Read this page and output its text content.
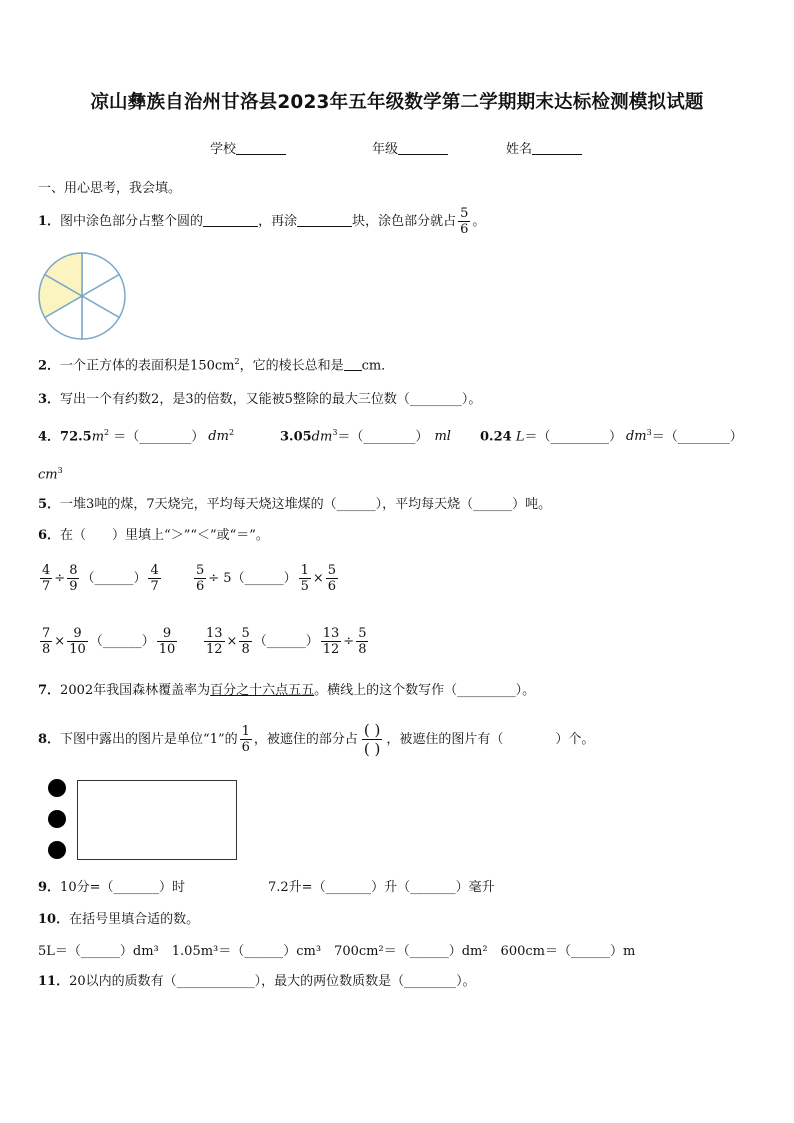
凉山彝族自治州甘洛县2023年五年级数学第二学期期末达标检测模拟试题
学校	年级	姓名
一、用心思考，我会填。
1．图中涂色部分占整个圆的	，再涂	块，涂色部分就占 $\frac{5}{6}$ 。
2．一个正方体的表面积是$150cm^2$，它的棱长总和是 cm．
3．写出一个有约数2，是3的倍数，又能被5整除的最大三位数（________）。
4．$72.5m^2$ ＝（________） $dm^2$	$3.05dm^3=(\_\_\_\_\_\_\_\_)$ ml 0.24 L＝（_________） $dm^3=(\_\_\_\_\_\_\_\_)$
$cm^3$
5．一堆3吨的煤，7天烧完，平均每天烧这堆煤的（______），平均每天烧（______）吨。
6．在（　　）里填上“＞”“＜”或“＝”。
$\frac{4}{7} \div \frac{8}{9}$ （______） $\frac{4}{7}$	$\frac{5}{6}$ ÷ 5（______） $\frac{1}{5} \times \frac{5}{6}$
$\frac{7}{8} \times \frac{9}{10}$ （______） $\frac{9}{10} \frac{13}{12} \times \frac{5}{8}$ （______） $\frac{13}{12} \div \frac{5}{8}$
7．2002年我国森林覆盖率为百分之十六点五五。横线上的这个数写作（_________）。
8．下图中露出的图片是单位“1”的 $\frac{1}{6}$ ，被遮住的部分占 $\frac{( )}{( )}$ ，被遮住的图片有（　　　　）个。
9．10分=（_______）时	7.2升=（_______）升（_______）毫升
10．在括号里填合适的数。
5L＝（______）dm³　1.05m³＝（______）cm³　700cm²＝（______）dm²　600cm＝（______）m
11．20以内的质数有（____________），最大的两位数质数是（________）。
